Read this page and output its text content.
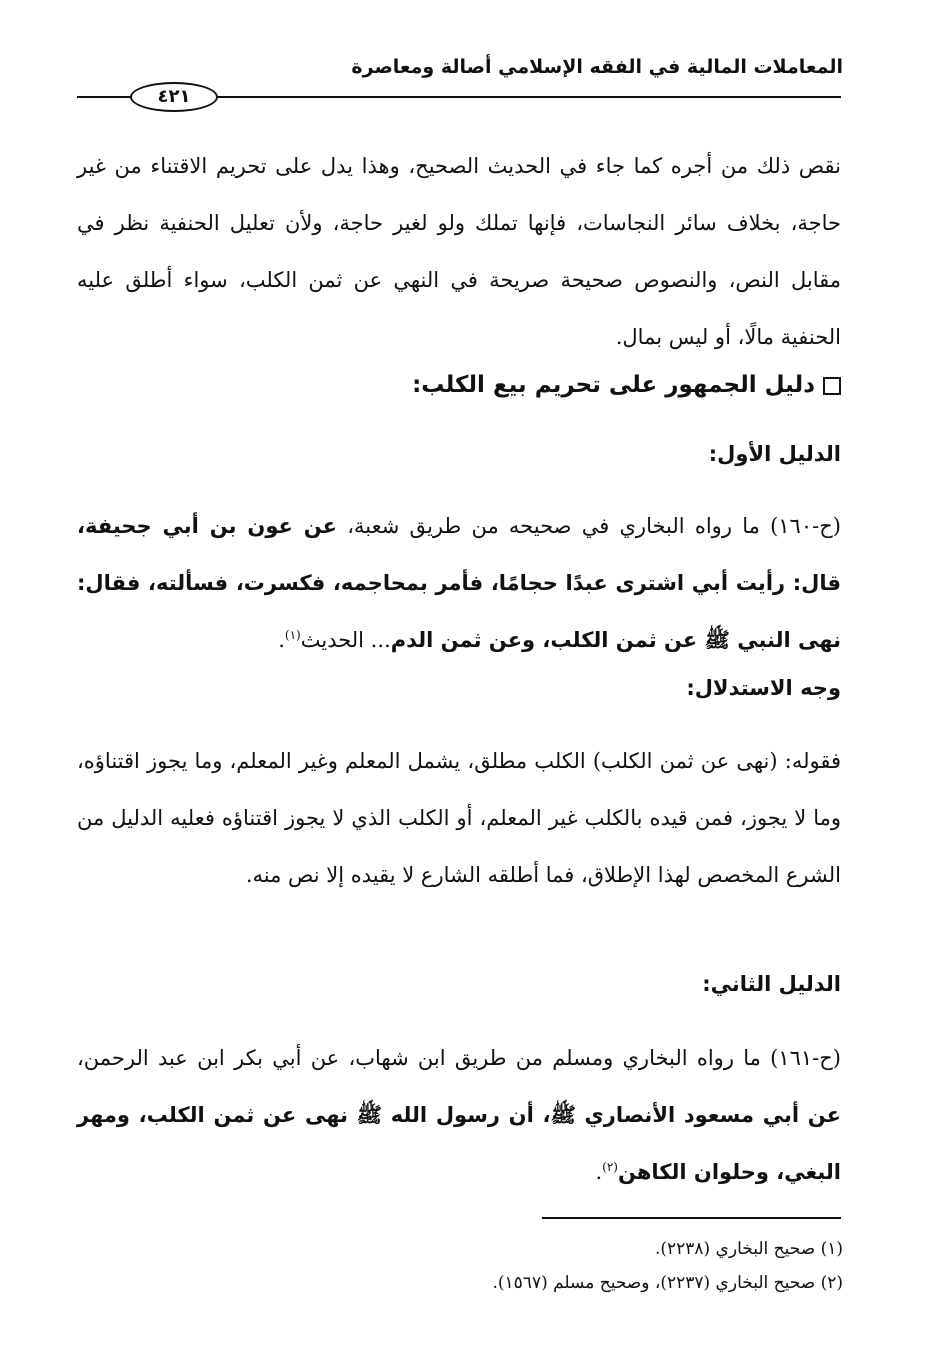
المعاملات المالية في الفقه الإسلامي أصالة ومعاصرة
٤٢١
نقص ذلك من أجره كما جاء في الحديث الصحيح، وهذا يدل على تحريم الاقتناء من غير حاجة، بخلاف سائر النجاسات، فإنها تملك ولو لغير حاجة، ولأن تعليل الحنفية نظر في مقابل النص، والنصوص صحيحة صريحة في النهي عن ثمن الكلب، سواء أطلق عليه الحنفية مالًا، أو ليس بمال.
دليل الجمهور على تحريم بيع الكلب:
الدليل الأول:
(ح-١٦٠) ما رواه البخاري في صحيحه من طريق شعبة، عن عون بن أبي جحيفة، قال: رأيت أبي اشترى عبدًا حجامًا، فأمر بمحاجمه، فكسرت، فسألته، فقال: نهى النبي ﷺ عن ثمن الكلب، وعن ثمن الدم... الحديث$^{(١)}$.
وجه الاستدلال:
فقوله: (نهى عن ثمن الكلب) الكلب مطلق، يشمل المعلم وغير المعلم، وما يجوز اقتناؤه، وما لا يجوز، فمن قيده بالكلب غير المعلم، أو الكلب الذي لا يجوز اقتناؤه فعليه الدليل من الشرع المخصص لهذا الإطلاق، فما أطلقه الشارع لا يقيده إلا نص منه.
الدليل الثاني:
(ح-١٦١) ما رواه البخاري ومسلم من طريق ابن شهاب، عن أبي بكر ابن عبد الرحمن، عن أبي مسعود الأنصاري ﷺ، أن رسول الله ﷺ نهى عن ثمن الكلب، ومهر البغي، وحلوان الكاهن$^{(٢)}$.
(١) صحيح البخاري (٢٢٣٨).
(٢) صحيح البخاري (٢٢٣٧)، وصحيح مسلم (١٥٦٧).
